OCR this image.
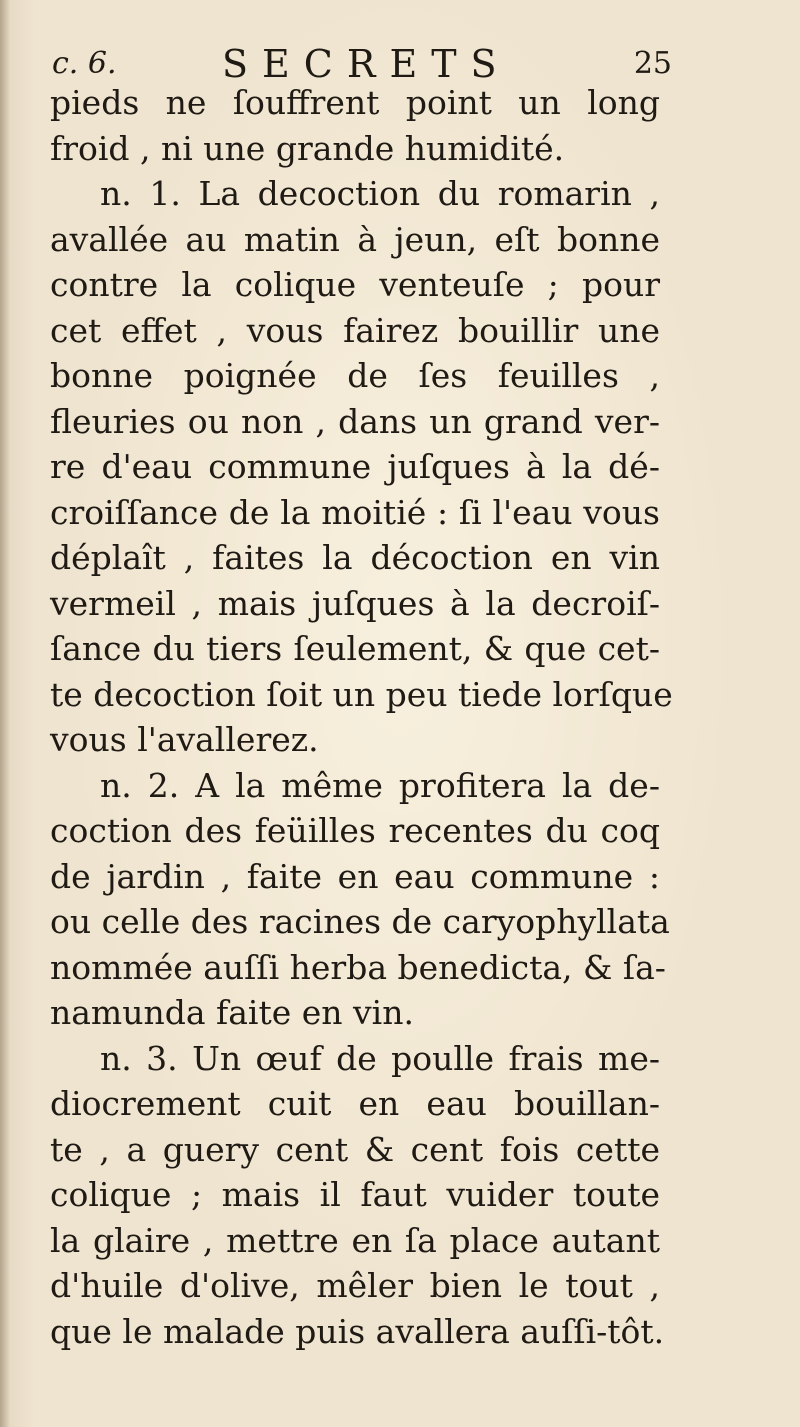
c. 6.	SECRETS	25
pieds ne ſouffrent point un long
froid , ni une grande humidité.
n. 1. La decoction du romarin ,
avallée au matin à jeun, eſt bonne
contre la colique venteuſe ; pour
cet effet , vous fairez bouillir une
bonne poignée de ſes feuilles ,
fleuries ou non , dans un grand ver-
re d'eau commune juſques à la dé-
croiſſance de la moitié : ſi l'eau vous
déplaît , faites la décoction en vin
vermeil , mais juſques à la decroiſ-
ſance du tiers ſeulement, & que cet-
te decoction ſoit un peu tiede lorſque
vous l'avallerez.
n. 2. A la même profitera la de-
coction des feüilles recentes du coq
de jardin , faite en eau commune :
ou celle des racines de caryophyllata
nommée auſſi herba benedicta, & ſa-
namunda faite en vin.
n. 3. Un œuf de poulle frais me-
diocrement cuit en eau bouillan-
te , a guery cent & cent fois cette
colique ; mais il faut vuider toute
la glaire , mettre en ſa place autant
d'huile d'olive, mêler bien le tout ,
que le malade puis avallera auſſi-tôt.
